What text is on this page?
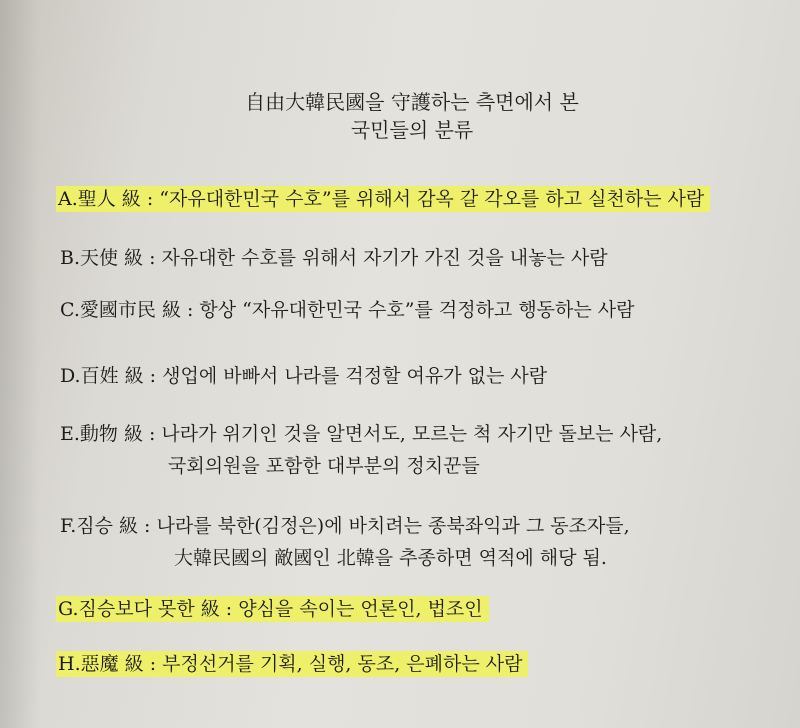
自由大韓民國을 守護하는 측면에서 본
국민들의 분류
A.聖人 級 : “자유대한민국 수호”를 위해서 감옥 갈 각오를 하고 실천하는 사람
B.天使 級 : 자유대한 수호를 위해서 자기가 가진 것을 내놓는 사람
C.愛國市民 級 : 항상 “자유대한민국 수호”를 걱정하고 행동하는 사람
D.百姓 級 : 생업에 바빠서 나라를 걱정할 여유가 없는 사람
E.動物 級 : 나라가 위기인 것을 알면서도, 모르는 척 자기만 돌보는 사람,
국회의원을 포함한 대부분의 정치꾼들
F.짐승 級 : 나라를 북한(김정은)에 바치려는 종북좌익과 그 동조자들,
大韓民國의 敵國인 北韓을 추종하면 역적에 해당 됨.
G.짐승보다 못한 級 : 양심을 속이는 언론인, 법조인
H.惡魔 級 : 부정선거를 기획, 실행, 동조, 은폐하는 사람
